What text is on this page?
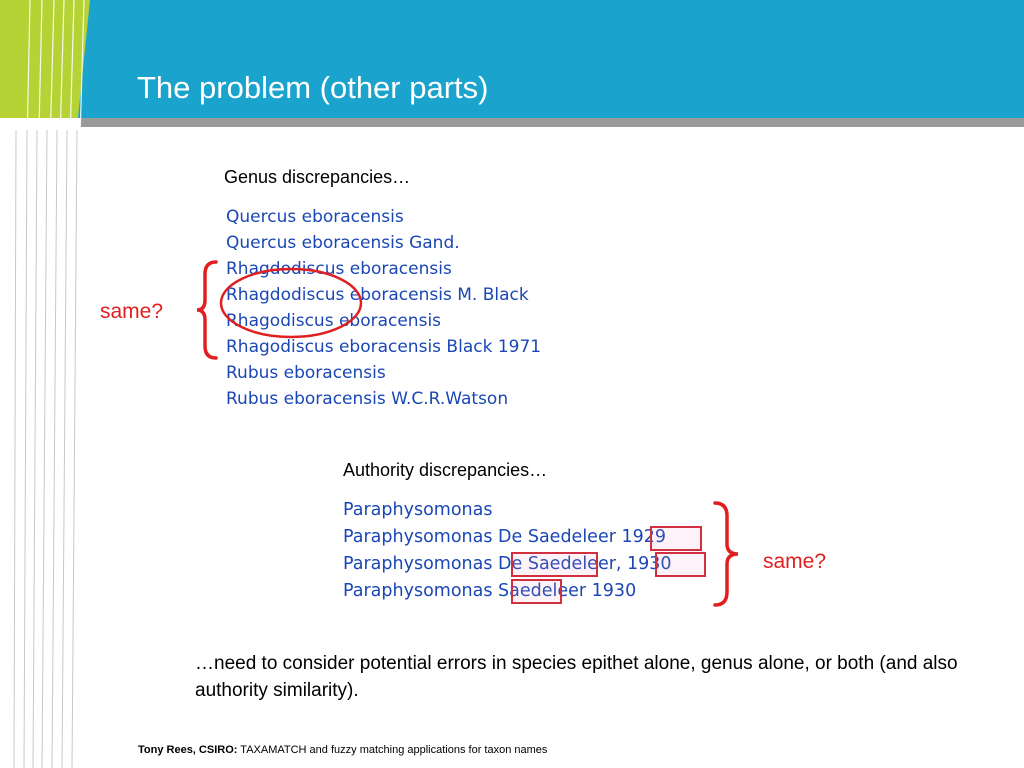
The problem (other parts)
Genus discrepancies…
Quercus eboracensis
Quercus eboracensis Gand.
Rhagdodiscus eboracensis
Rhagdodiscus eboracensis M. Black
Rhagodiscus eboracensis
Rhagodiscus eboracensis Black 1971
Rubus eboracensis
Rubus eboracensis W.C.R.Watson
same?
Authority discrepancies…
Paraphysomonas
Paraphysomonas De Saedeleer 1929
Paraphysomonas De Saedeleer, 1930
Paraphysomonas Saedeleer 1930
same?
…need to consider potential errors in species epithet alone, genus alone, or both (and also authority similarity).
Tony Rees, CSIRO: TAXAMATCH and fuzzy matching applications for taxon names
